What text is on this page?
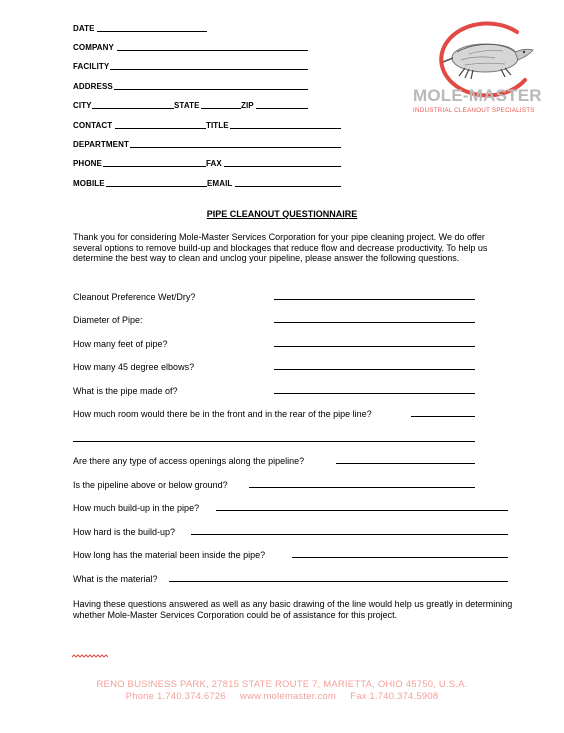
DATE
COMPANY
FACILITY
ADDRESS
CITY	STATE	ZIP
CONTACT	TITLE
DEPARTMENT
PHONE	FAX
MOBILE	EMAIL
MOLE-MASTER
INDUSTRIAL CLEANOUT SPECIALISTS
PIPE CLEANOUT QUESTIONNAIRE
Thank you for considering Mole-Master Services Corporation for your pipe cleaning project. We do offer several options to remove build-up and blockages that reduce flow and decrease productivity. To help us determine the best way to clean and unclog your pipeline, please answer the following questions.
Cleanout Preference Wet/Dry?
Diameter of Pipe:
How many feet of pipe?
How many 45 degree elbows?
What is the pipe made of?
How much room would there be in the front and in the rear of the pipe line?
Are there any type of access openings along the pipeline?
Is the pipeline above or below ground?
How much build-up in the pipe?
How hard is the build-up?
How long has the material been inside the pipe?
What is the material?
Having these questions answered as well as any basic drawing of the line would help us greatly in determining whether Mole-Master Services Corporation could be of assistance for this project.
RENO BUSINESS PARK, 27815 STATE ROUTE 7, MARIETTA, OHIO 45750, U.S.A.
Phone 1.740.374.6726     www.molemaster.com     Fax 1.740.374.5908
